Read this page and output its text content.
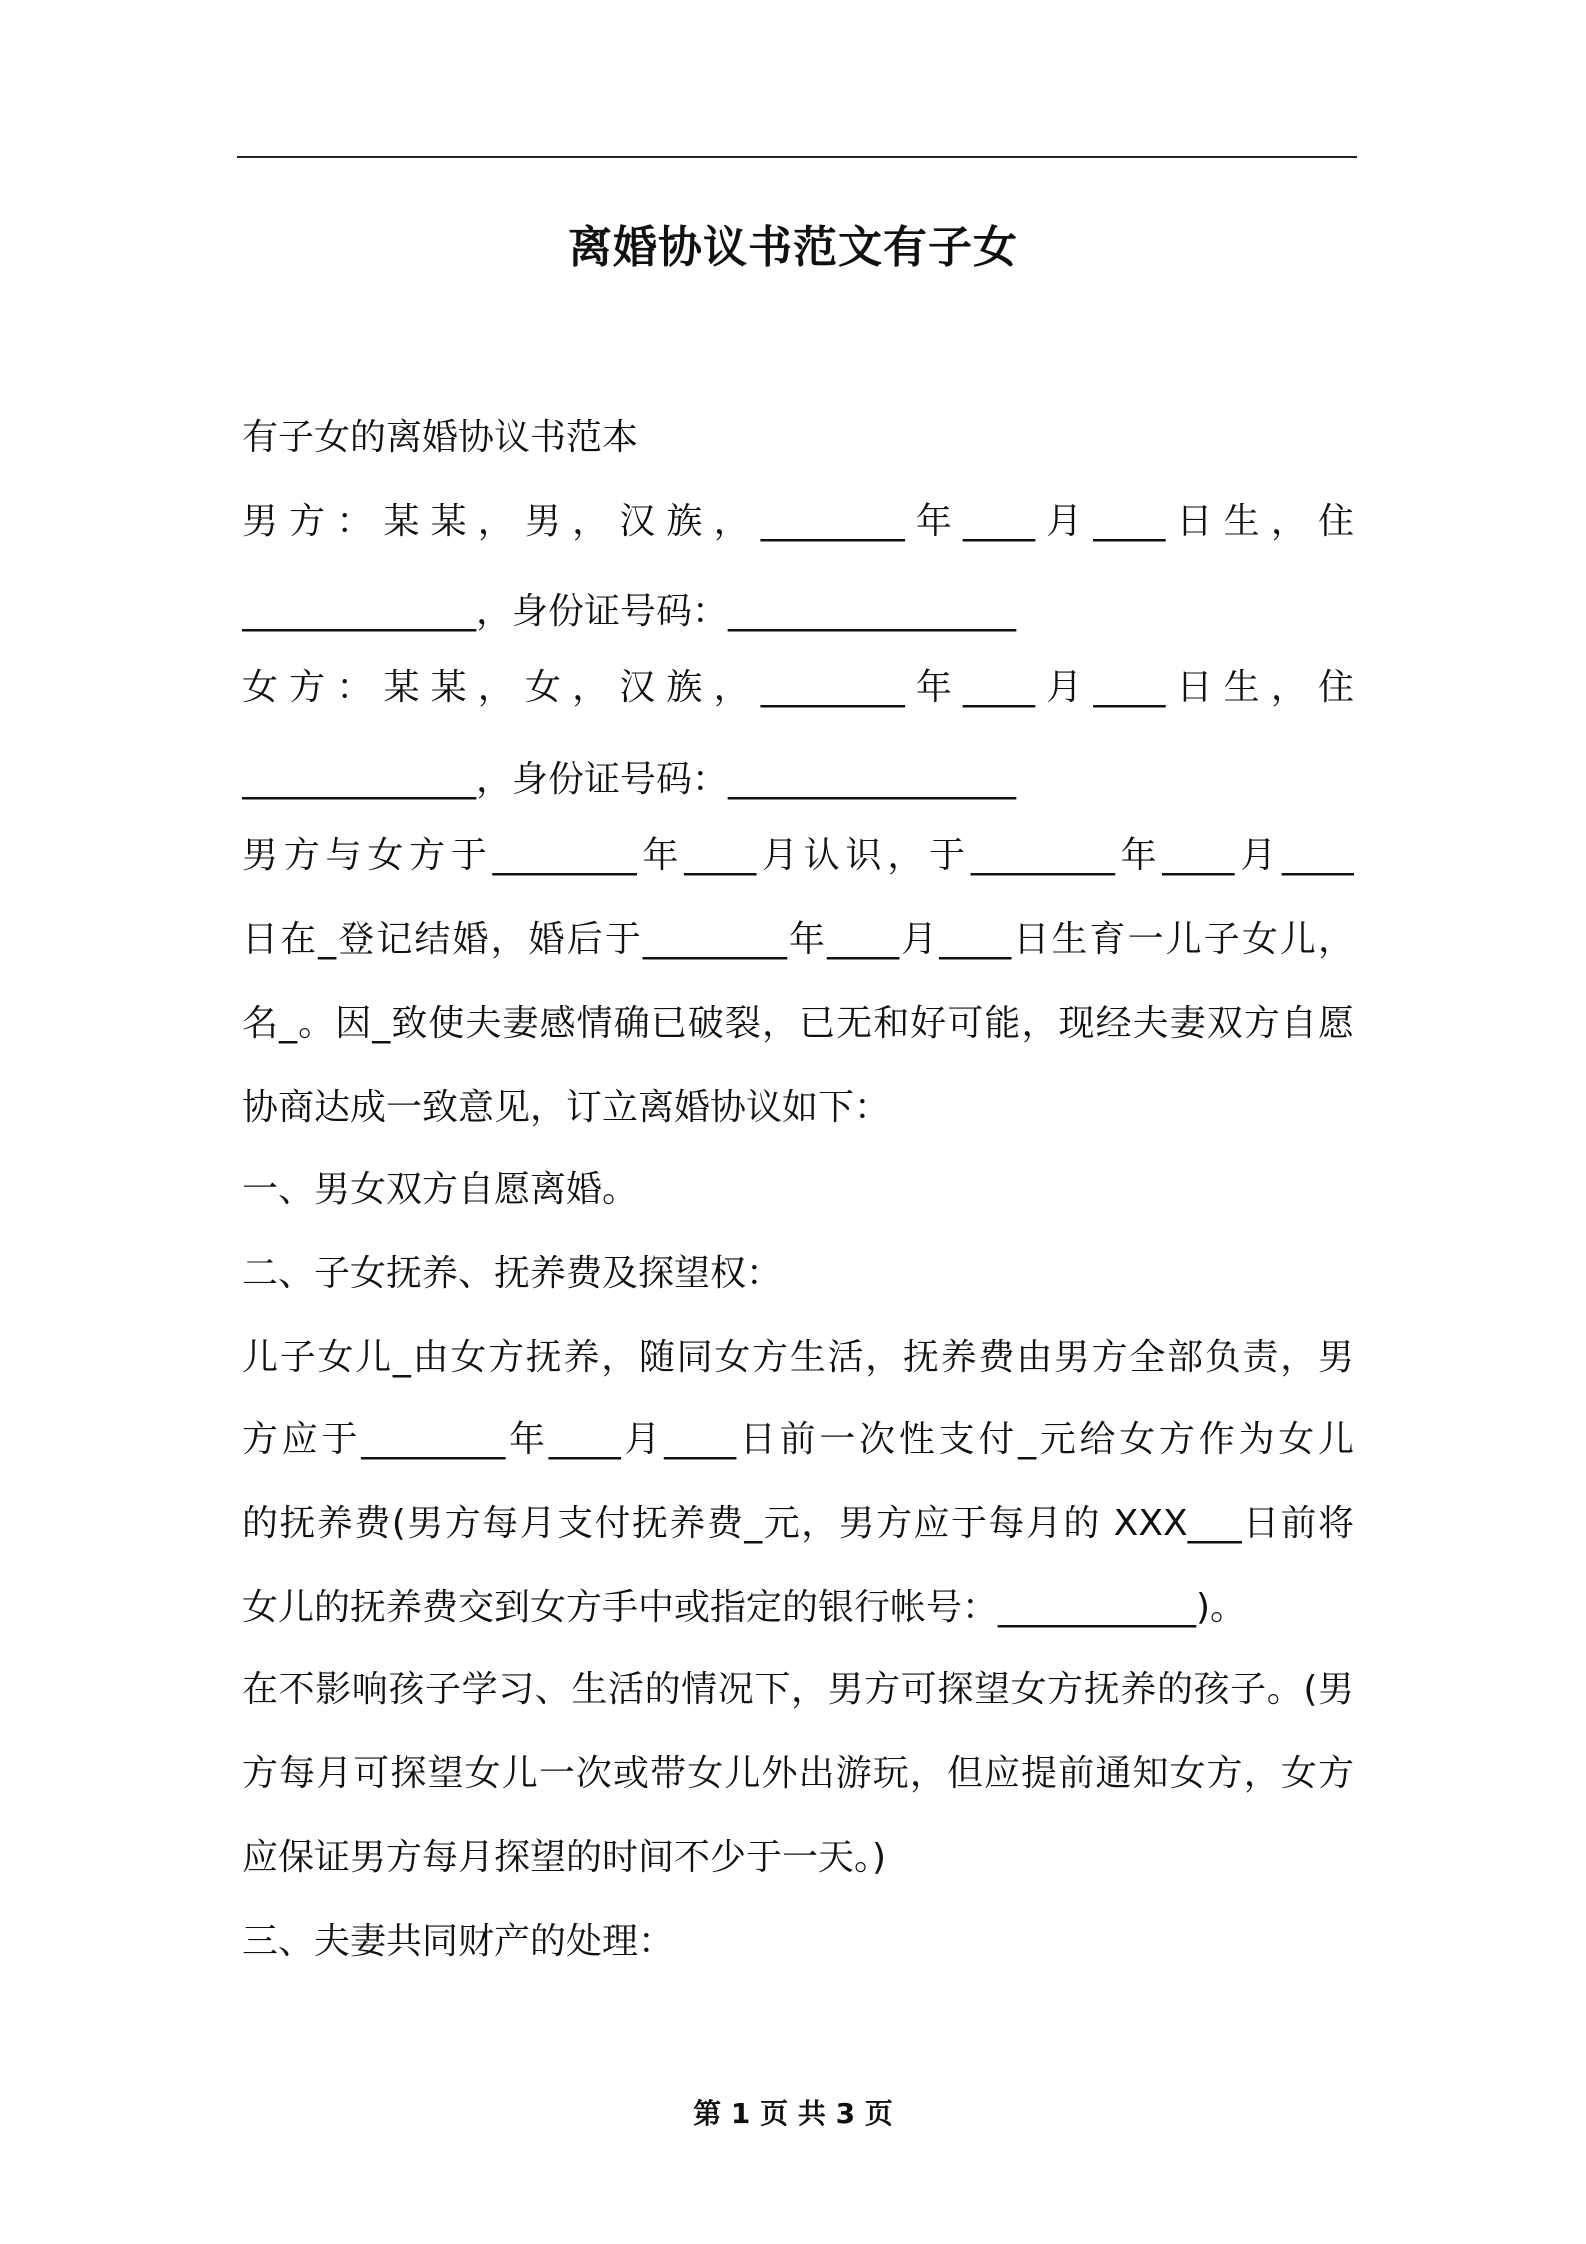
离婚协议书范文有子女
有子女的离婚协议书范本
男方：某某，男，汉族，________年____月____日生，住
_____________，身份证号码：________________
女方：某某，女，汉族，________年____月____日生，住
_____________，身份证号码：________________
男方与女方于________年____月认识，于________年____月____
日在_登记结婚，婚后于________年____月____日生育一儿子女儿，
名_。因_致使夫妻感情确已破裂，已无和好可能，现经夫妻双方自愿
协商达成一致意见，订立离婚协议如下：
一、男女双方自愿离婚。
二、子女抚养、抚养费及探望权：
儿子女儿_由女方抚养，随同女方生活，抚养费由男方全部负责，男
方应于________年____月____日前一次性支付_元给女方作为女儿
的抚养费(男方每月支付抚养费_元，男方应于每月的 XXX___日前将
女儿的抚养费交到女方手中或指定的银行帐号：___________)。
在不影响孩子学习、生活的情况下，男方可探望女方抚养的孩子。(男
方每月可探望女儿一次或带女儿外出游玩，但应提前通知女方，女方
应保证男方每月探望的时间不少于一天。)
三、夫妻共同财产的处理：
第 1 页 共 3 页
